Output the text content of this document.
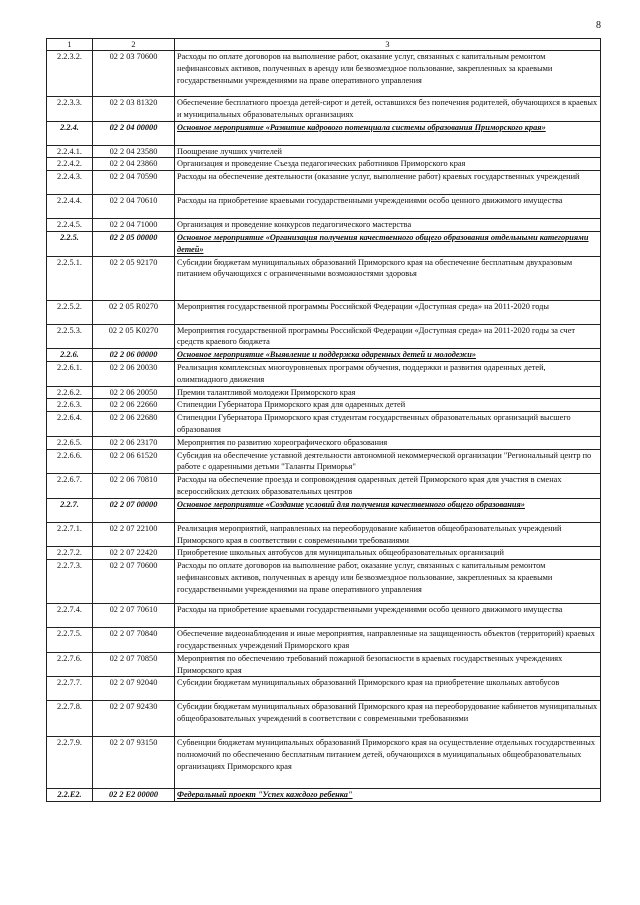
8
1	2	3
2.2.3.2.	02 2 03 70600	Расходы по оплате договоров на выполнение работ, оказание услуг, связанных с капитальным ремонтом нефинансовых активов, полученных в аренду или безвозмездное пользование, закрепленных за краевыми государственными учреждениями на праве оперативного управления
2.2.3.3.	02 2 03 81320	Обеспечение бесплатного проезда детей-сирот и детей, оставшихся без попечения родителей, обучающихся в краевых и муниципальных образовательных организациях
2.2.4.	02 2 04 00000	Основное мероприятие «Развитие кадрового потенциала системы образования Приморского края»
2.2.4.1.	02 2 04 23580	Поощрение лучших учителей
2.2.4.2.	02 2 04 23860	Организация и проведение Съезда педагогических работников Приморского края
2.2.4.3.	02 2 04 70590	Расходы на обеспечение деятельности (оказание услуг, выполнение работ) краевых государственных учреждений
2.2.4.4.	02 2 04 70610	Расходы на приобретение краевыми государственными учреждениями особо ценного движимого имущества
2.2.4.5.	02 2 04 71000	Организация и проведение конкурсов педагогического мастерства
2.2.5.	02 2 05 00000	Основное мероприятие «Организация получения качественного общего образования отдельными категориями детей»
2.2.5.1.	02 2 05 92170	Субсидии бюджетам муниципальных образований Приморского края на обеспечение бесплатным двухразовым питанием обучающихся с ограниченными возможностями здоровья
2.2.5.2.	02 2 05 R0270	Мероприятия государственной программы Российской Федерации «Доступная среда» на 2011-2020 годы
2.2.5.3.	02 2 05 K0270	Мероприятия государственной программы Российской Федерации «Доступная среда» на 2011-2020 годы за счет средств краевого бюджета
2.2.6.	02 2 06 00000	Основное мероприятие «Выявление и поддержка одаренных детей и молодежи»
2.2.6.1.	02 2 06 20030	Реализация комплексных многоуровневых программ обучения, поддержки и развития одаренных детей, олимпиадного движения
2.2.6.2.	02 2 06 20050	Премии талантливой молодежи Приморского края
2.2.6.3.	02 2 06 22660	Стипендии Губернатора Приморского края для одаренных детей
2.2.6.4.	02 2 06 22680	Стипендии Губернатора Приморского края студентам государственных образовательных организаций высшего образования
2.2.6.5.	02 2 06 23170	Мероприятия по развитию хореографического образования
2.2.6.6.	02 2 06 61520	Субсидия на обеспечение уставной деятельности автономной некоммерческой организации "Региональный центр по работе с одаренными детьми "Таланты Приморья"
2.2.6.7.	02 2 06 70810	Расходы на обеспечение проезда и сопровождения одаренных детей Приморского края для участия в сменах всероссийских детских образовательных центров
2.2.7.	02 2 07 00000	Основное мероприятие «Создание условий для получения качественного общего образования»
2.2.7.1.	02 2 07 22100	Реализация мероприятий, направленных на переоборудование кабинетов общеобразовательных учреждений Приморского края в соответствии с современными требованиями
2.2.7.2.	02 2 07 22420	Приобретение школьных автобусов для муниципальных общеобразовательных организаций
2.2.7.3.	02 2 07 70600	Расходы по оплате договоров на выполнение работ, оказание услуг, связанных с капитальным ремонтом нефинансовых активов, полученных в аренду или безвозмездное пользование, закрепленных за краевыми государственными учреждениями на праве оперативного управления
2.2.7.4.	02 2 07 70610	Расходы на приобретение краевыми государственными учреждениями особо ценного движимого имущества
2.2.7.5.	02 2 07 70840	Обеспечение видеонаблюдения и иные мероприятия, направленные на защищенность объектов (территорий) краевых государственных учреждений Приморского края
2.2.7.6.	02 2 07 70850	Мероприятия по обеспечению требований пожарной безопасности в краевых государственных учреждениях Приморского края
2.2.7.7.	02 2 07 92040	Субсидии бюджетам муниципальных образований Приморского края на приобретение школьных автобусов
2.2.7.8.	02 2 07 92430	Субсидии бюджетам муниципальных образований Приморского края на переоборудование кабинетов муниципальных общеобразовательных учреждений в соответствии с современными требованиями
2.2.7.9.	02 2 07 93150	Субвенции бюджетам муниципальных образований Приморского края на осуществление отдельных государственных полномочий по обеспечению бесплатным питанием детей, обучающихся в муниципальных общеобразовательных организациях Приморского края
2.2.E2.	02 2 E2 00000	Федеральный проект "Успех каждого ребенка"
